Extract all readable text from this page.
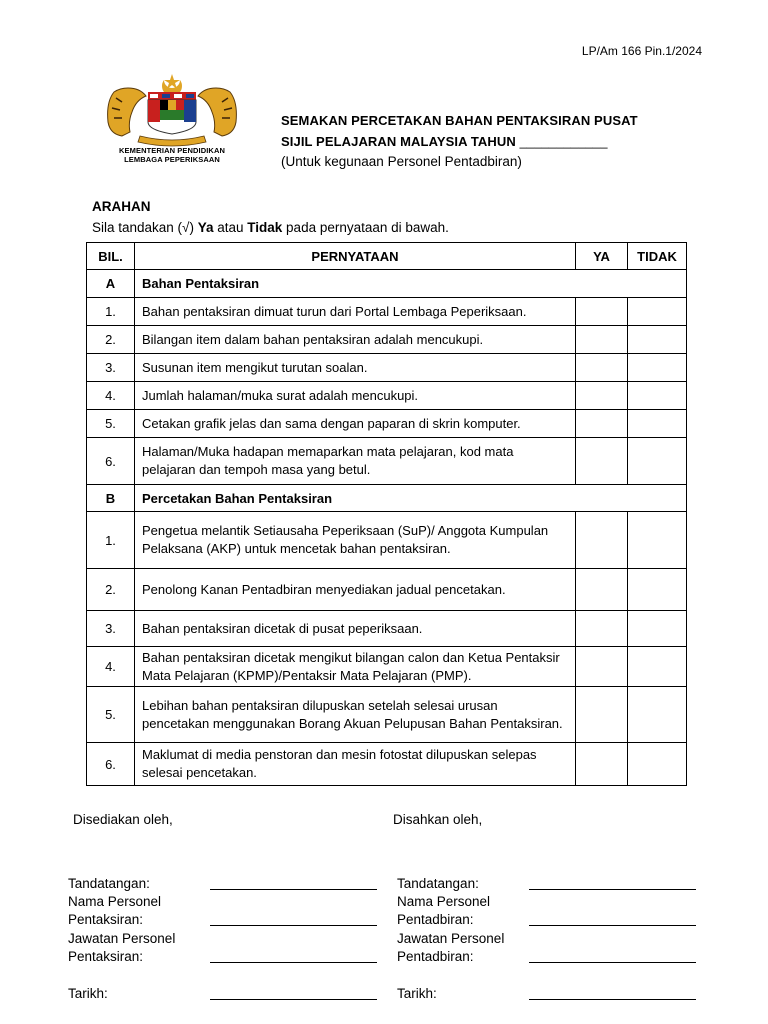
LP/Am 166 Pin.1/2024
KEMENTERIAN PENDIDIKAN
LEMBAGA PEPERIKSAAN
SEMAKAN PERCETAKAN BAHAN PENTAKSIRAN PUSAT
SIJIL PELAJARAN MALAYSIA TAHUN ____________
(Untuk kegunaan Personel Pentadbiran)
ARAHAN
Sila tandakan (√) Ya atau Tidak pada pernyataan di bawah.
BIL.	PERNYATAAN	YA	TIDAK
A	Bahan Pentaksiran		
1.	Bahan pentaksiran dimuat turun dari Portal Lembaga Peperiksaan.		
2.	Bilangan item dalam bahan pentaksiran adalah mencukupi.		
3.	Susunan item mengikut turutan soalan.		
4.	Jumlah halaman/muka surat adalah mencukupi.		
5.	Cetakan grafik jelas dan sama dengan paparan di skrin komputer.		
6.	Halaman/Muka hadapan memaparkan mata pelajaran, kod mata pelajaran dan tempoh masa yang betul.		
B	Percetakan Bahan Pentaksiran		
1.	Pengetua melantik Setiausaha Peperiksaan (SuP)/ Anggota Kumpulan Pelaksana (AKP) untuk mencetak bahan pentaksiran.		
2.	Penolong Kanan Pentadbiran menyediakan jadual pencetakan.		
3.	Bahan pentaksiran dicetak di pusat peperiksaan.		
4.	Bahan pentaksiran dicetak mengikut bilangan calon dan Ketua Pentaksir Mata Pelajaran (KPMP)/Pentaksir Mata Pelajaran (PMP).		
5.	Lebihan bahan pentaksiran dilupuskan setelah selesai urusan pencetakan menggunakan Borang Akuan Pelupusan Bahan Pentaksiran.		
6.	Maklumat di media penstoran dan mesin fotostat dilupuskan selepas selesai pencetakan.		
Disediakan oleh,
Tandatangan:
Nama Personel
Pentaksiran:
Jawatan Personel
Pentaksiran:
Tarikh:
Disahkan oleh,
Tandatangan:
Nama Personel
Pentadbiran:
Jawatan Personel
Pentadbiran:
Tarikh:
